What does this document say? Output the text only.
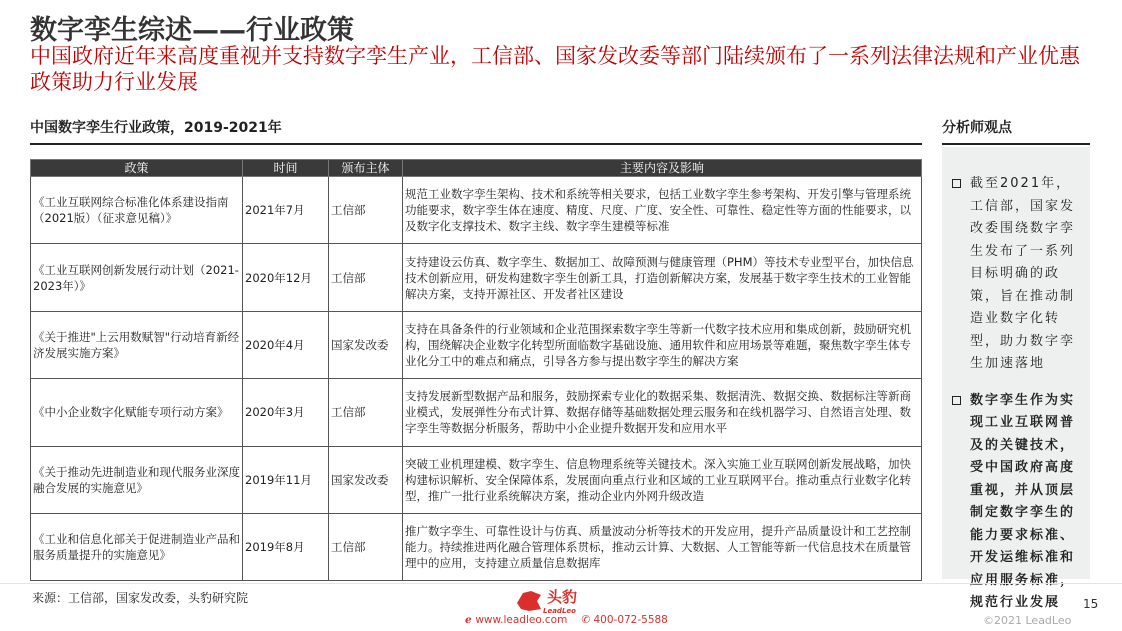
数字孪生综述——行业政策
中国政府近年来高度重视并支持数字孪生产业，工信部、国家发改委等部门陆续颁布了一系列法律法规和产业优惠政策助力行业发展
中国数字孪生行业政策，2019-2021年	分析师观点
政策	时间	颁布主体	主要内容及影响
《工业互联网综合标准化体系建设指南（2021版）（征求意见稿）》	2021年7月	工信部	规范工业数字孪生架构、技术和系统等相关要求，包括工业数字孪生参考架构、开发引擎与管理系统功能要求，数字孪生体在速度、精度、尺度、广度、安全性、可靠性、稳定性等方面的性能要求，以及数字化支撑技术、数字主线、数字孪生建模等标准
《工业互联网创新发展行动计划（2021-2023年）》	2020年12月	工信部	支持建设云仿真、数字孪生、数据加工、故障预测与健康管理（PHM）等技术专业型平台，加快信息技术创新应用，研发构建数字孪生创新工具，打造创新解决方案，发展基于数字孪生技术的工业智能解决方案，支持开源社区、开发者社区建设
《关于推进"上云用数赋智"行动培育新经济发展实施方案》	2020年4月	国家发改委	支持在具备条件的行业领域和企业范围探索数字孪生等新一代数字技术应用和集成创新，鼓励研究机构，围绕解决企业数字化转型所面临数字基础设施、通用软件和应用场景等难题，聚焦数字孪生体专业化分工中的难点和痛点，引导各方参与提出数字孪生的解决方案
《中小企业数字化赋能专项行动方案》	2020年3月	工信部	支持发展新型数据产品和服务，鼓励探索专业化的数据采集、数据清洗、数据交换、数据标注等新商业模式，发展弹性分布式计算、数据存储等基础数据处理云服务和在线机器学习、自然语言处理、数字孪生等数据分析服务，帮助中小企业提升数据开发和应用水平
《关于推动先进制造业和现代服务业深度融合发展的实施意见》	2019年11月	国家发改委	突破工业机理建模、数字孪生、信息物理系统等关键技术。深入实施工业互联网创新发展战略，加快构建标识解析、安全保障体系，发展面向重点行业和区域的工业互联网平台。推动重点行业数字化转型，推广一批行业系统解决方案，推动企业内外网升级改造
《工业和信息化部关于促进制造业产品和服务质量提升的实施意见》	2019年8月	工信部	推广数字孪生、可靠性设计与仿真、质量波动分析等技术的开发应用，提升产品质量设计和工艺控制能力。持续推进两化融合管理体系贯标，推动云计算、大数据、人工智能等新一代信息技术在质量管理中的应用，支持建立质量信息数据库
截至2021年，工信部，国家发改委围绕数字孪生发布了一系列目标明确的政策，旨在推动制造业数字化转型，助力数字孪生加速落地
数字孪生作为实现工业互联网普及的关键技术，受中国政府高度重视，并从顶层制定数字孪生的能力要求标准、开发运维标准和应用服务标准，规范行业发展
来源：工信部，国家发改委，头豹研究院	15
头豹
LeadLeo
ℯ www.leadleo.com ✆ 400-072-5588	©2021 LeadLeo
